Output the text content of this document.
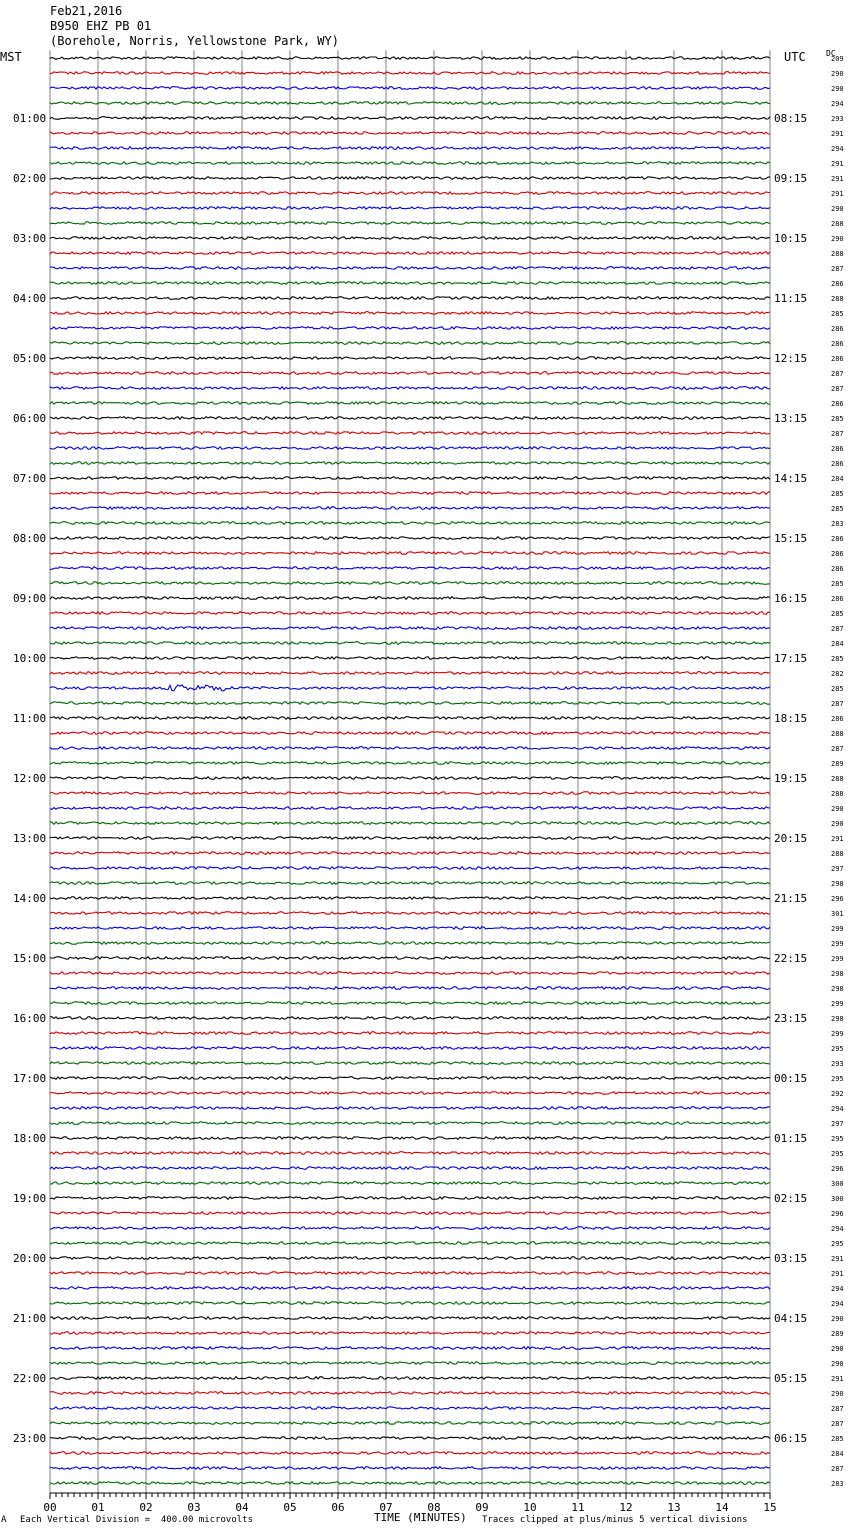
Feb21,2016
B950 EHZ PB 01
(Borehole, Norris, Yellowstone Park, WY)
MST	UTC	DC
209
290
290
294
293
291
294
291
291
291
290
288
290
288
287
286
288
285
286
286
286
287
287
286
285
287
286
286
284
285
285
283
286
286
286
285
286
285
287
284
285
282
285
287
286
288
287
289
288
288
290
290
291
288
297
298
296
301
299
299
299
298
298
299
298
299
295
293
295
292
294
297
295
295
296
300
300
296
294
295
291
291
294
294
290
289
290
290
291
290
287
287
285
284
287
283
01:00	08:15
02:00	09:15
03:00	10:15
04:00	11:15
05:00	12:15
06:00	13:15
07:00	14:15
08:00	15:15
09:00	16:15
10:00	17:15
11:00	18:15
12:00	19:15
13:00	20:15
14:00	21:15
15:00	22:15
16:00	23:15
17:00	00:15
18:00	01:15
19:00	02:15
20:00	03:15
21:00	04:15
22:00	05:15
23:00	06:15
00	01	02	03	04	05	06	07	08	09	10	11	12	13	14	15
A Each Vertical Division =  400.00 microvolts	TIME (MINUTES) Traces clipped at plus/minus 5 vertical divisions
